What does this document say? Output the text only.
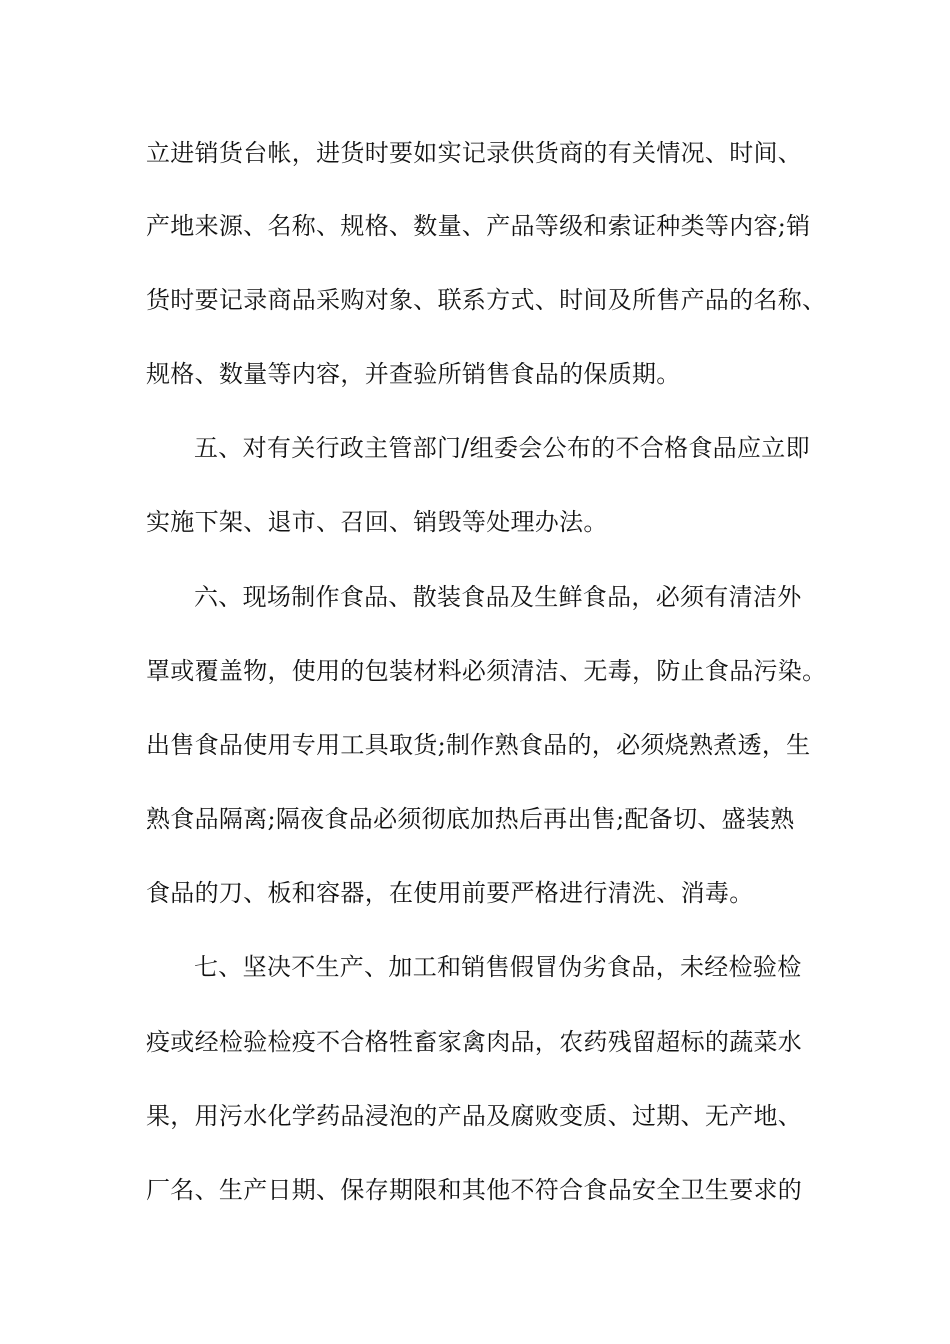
立进销货台帐，进货时要如实记录供货商的有关情况、时间、
产地来源、名称、规格、数量、产品等级和索证种类等内容;销
货时要记录商品采购对象、联系方式、时间及所售产品的名称、
规格、数量等内容，并查验所销售食品的保质期。
五、对有关行政主管部门/组委会公布的不合格食品应立即
实施下架、退市、召回、销毁等处理办法。
六、现场制作食品、散装食品及生鲜食品，必须有清洁外
罩或覆盖物，使用的包装材料必须清洁、无毒，防止食品污染。
出售食品使用专用工具取货;制作熟食品的，必须烧熟煮透，生
熟食品隔离;隔夜食品必须彻底加热后再出售;配备切、盛装熟
食品的刀、板和容器，在使用前要严格进行清洗、消毒。
七、坚决不生产、加工和销售假冒伪劣食品，未经检验检
疫或经检验检疫不合格牲畜家禽肉品，农药残留超标的蔬菜水
果，用污水化学药品浸泡的产品及腐败变质、过期、无产地、
厂名、生产日期、保存期限和其他不符合食品安全卫生要求的
